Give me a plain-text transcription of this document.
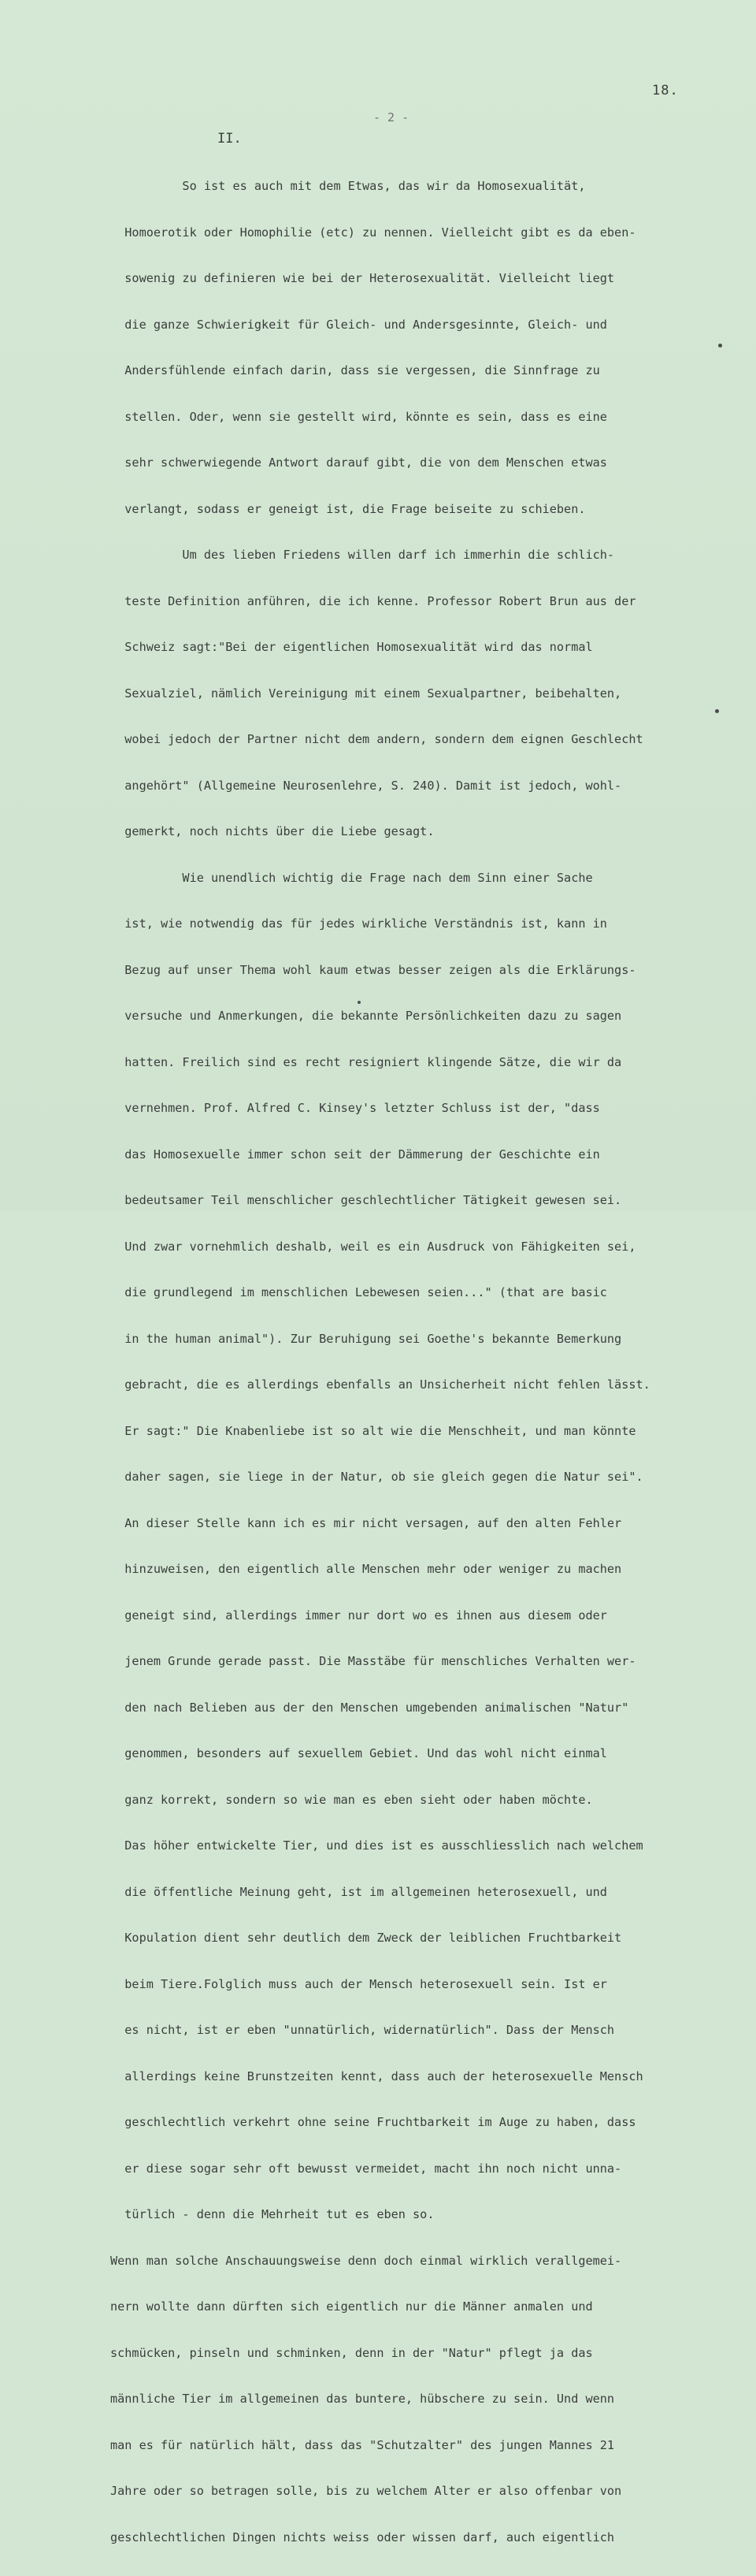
18.
- 2 -
II.

So ist es auch mit dem Etwas, das wir da Homosexualität,

Homoerotik oder Homophilie (etc) zu nennen. Vielleicht gibt es da eben-

sowenig zu definieren wie bei der Heterosexualität. Vielleicht liegt

die ganze Schwierigkeit für Gleich- und Andersgesinnte, Gleich- und

Andersfühlende einfach darin, dass sie vergessen, die Sinnfrage zu

stellen. Oder, wenn sie gestellt wird, könnte es sein, dass es eine

sehr schwerwiegende Antwort darauf gibt, die von dem Menschen etwas

verlangt, sodass er geneigt ist, die Frage beiseite zu schieben.

Um des lieben Friedens willen darf ich immerhin die schlich-

teste Definition anführen, die ich kenne. Professor Robert Brun aus der

Schweiz sagt:"Bei der eigentlichen Homosexualität wird das normal

Sexualziel, nämlich Vereinigung mit einem Sexualpartner, beibehalten,

wobei jedoch der Partner nicht dem andern, sondern dem eignen Geschlecht

angehört" (Allgemeine Neurosenlehre, S. 240). Damit ist jedoch, wohl-

gemerkt, noch nichts über die Liebe gesagt.

Wie unendlich wichtig die Frage nach dem Sinn einer Sache

ist, wie notwendig das für jedes wirkliche Verständnis ist, kann in

Bezug auf unser Thema wohl kaum etwas besser zeigen als die Erklärungs-

versuche und Anmerkungen, die bekannte Persönlichkeiten dazu zu sagen

hatten. Freilich sind es recht resigniert klingende Sätze, die wir da

vernehmen. Prof. Alfred C. Kinsey's letzter Schluss ist der, "dass

das Homosexuelle immer schon seit der Dämmerung der Geschichte ein

bedeutsamer Teil menschlicher geschlechtlicher Tätigkeit gewesen sei.

Und zwar vornehmlich deshalb, weil es ein Ausdruck von Fähigkeiten sei,

die grundlegend im menschlichen Lebewesen seien..." (that are basic

in the human animal"). Zur Beruhigung sei Goethe's bekannte Bemerkung

gebracht, die es allerdings ebenfalls an Unsicherheit nicht fehlen lässt.

Er sagt:" Die Knabenliebe ist so alt wie die Menschheit, und man könnte

daher sagen, sie liege in der Natur, ob sie gleich gegen die Natur sei".

An dieser Stelle kann ich es mir nicht versagen, auf den alten Fehler

hinzuweisen, den eigentlich alle Menschen mehr oder weniger zu machen

geneigt sind, allerdings immer nur dort wo es ihnen aus diesem oder

jenem Grunde gerade passt. Die Masstäbe für menschliches Verhalten wer-

den nach Belieben aus der den Menschen umgebenden animalischen "Natur"

genommen, besonders auf sexuellem Gebiet. Und das wohl nicht einmal

ganz korrekt, sondern so wie man es eben sieht oder haben möchte.

Das höher entwickelte Tier, und dies ist es ausschliesslich nach welchem

die öffentliche Meinung geht, ist im allgemeinen heterosexuell, und

Kopulation dient sehr deutlich dem Zweck der leiblichen Fruchtbarkeit

beim Tiere.Folglich muss auch der Mensch heterosexuell sein. Ist er

es nicht, ist er eben "unnatürlich, widernatürlich". Dass der Mensch

allerdings keine Brunstzeiten kennt, dass auch der heterosexuelle Mensch

geschlechtlich verkehrt ohne seine Fruchtbarkeit im Auge zu haben, dass

er diese sogar sehr oft bewusst vermeidet, macht ihn noch nicht unna-

türlich - denn die Mehrheit tut es eben so.

Wenn man solche Anschauungsweise denn doch einmal wirklich verallgemei-

nern wollte dann dürften sich eigentlich nur die Männer anmalen und

schmücken, pinseln und schminken, denn in der "Natur" pflegt ja das

männliche Tier im allgemeinen das buntere, hübschere zu sein. Und wenn

man es für natürlich hält, dass das "Schutzalter" des jungen Mannes 21

Jahre oder so betragen solle, bis zu welchem Alter er also offenbar von

geschlechtlichen Dingen nichts weiss oder wissen darf, auch eigentlich
